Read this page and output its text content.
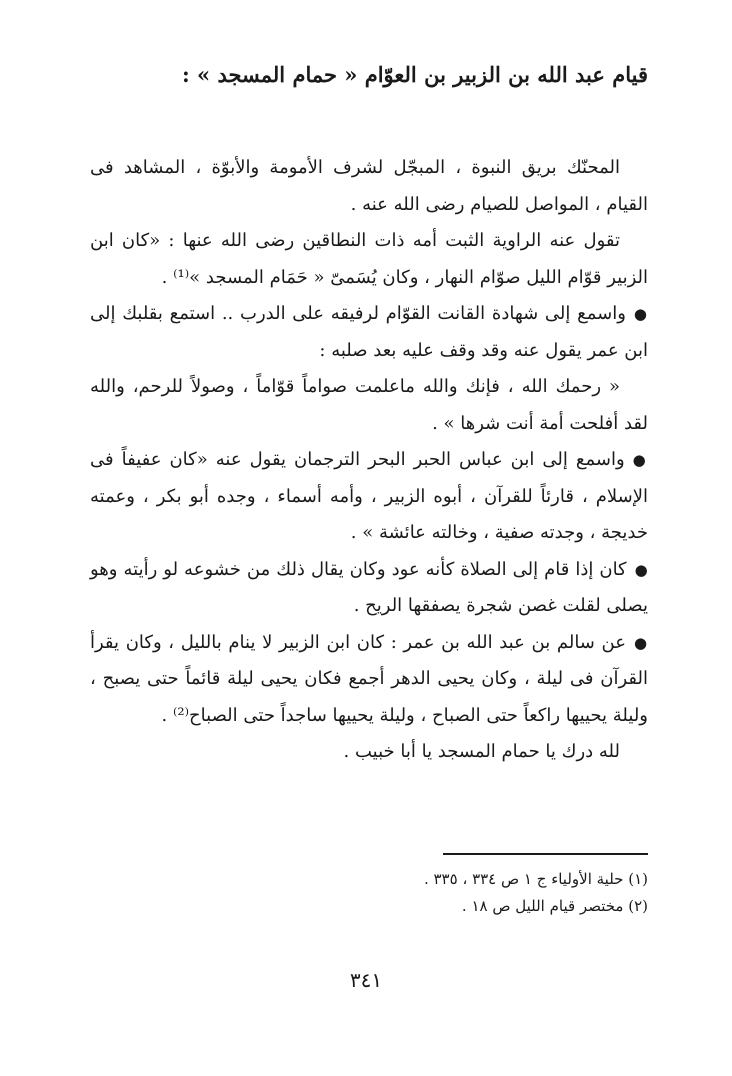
قيام عبد الله بن الزبير بن العوّام « حمام المسجد » :

المحنّك بريق النبوة ، المبجّل لشرف الأمومة والأبوّة ، المشاهد فى القيام ، المواصل للصيام رضى الله عنه .

تقول عنه الراوية الثبت أمه ذات النطاقين رضى الله عنها : «كان ابن الزبير قوّام الليل صوّام النهار ، وكان يُسَمىّ « حَمَام المسجد »⁽¹⁾ .

●واسمع إلى شهادة القانت القوّام لرفيقه على الدرب .. استمع بقلبك إلى ابن عمر يقول عنه وقد وقف عليه بعد صلبه :

« رحمك الله ، فإنك والله ماعلمت صواماً قوّاماً ، وصولاً للرحم، والله لقد أفلحت أمة أنت شرها » .

●واسمع إلى ابن عباس الحبر البحر الترجمان يقول عنه «كان عفيفاً فى الإسلام ، قارئاً للقرآن ، أبوه الزبير ، وأمه أسماء ، وجده أبو بكر ، وعمته خديجة ، وجدته صفية ، وخالته عائشة » .

●كان إذا قام إلى الصلاة كأنه عود وكان يقال ذلك من خشوعه لو رأيته وهو يصلى لقلت غصن شجرة يصفقها الريح .

●عن سالم بن عبد الله بن عمر : كان ابن الزبير لا ينام بالليل ، وكان يقرأ القرآن فى ليلة ، وكان يحيى الدهر أجمع فكان يحيى ليلة قائماً حتى يصبح ، وليلة يحييها راكعاً حتى الصباح ، وليلة يحييها ساجداً حتى الصباح⁽²⁾ .

لله درك يا حمام المسجد يا أبا خبيب .

(١) حلية الأولياء ج ١ ص ٣٣٤ ، ٣٣٥ .
(٢) مختصر قيام الليل ص ١٨ .
٣٤١
